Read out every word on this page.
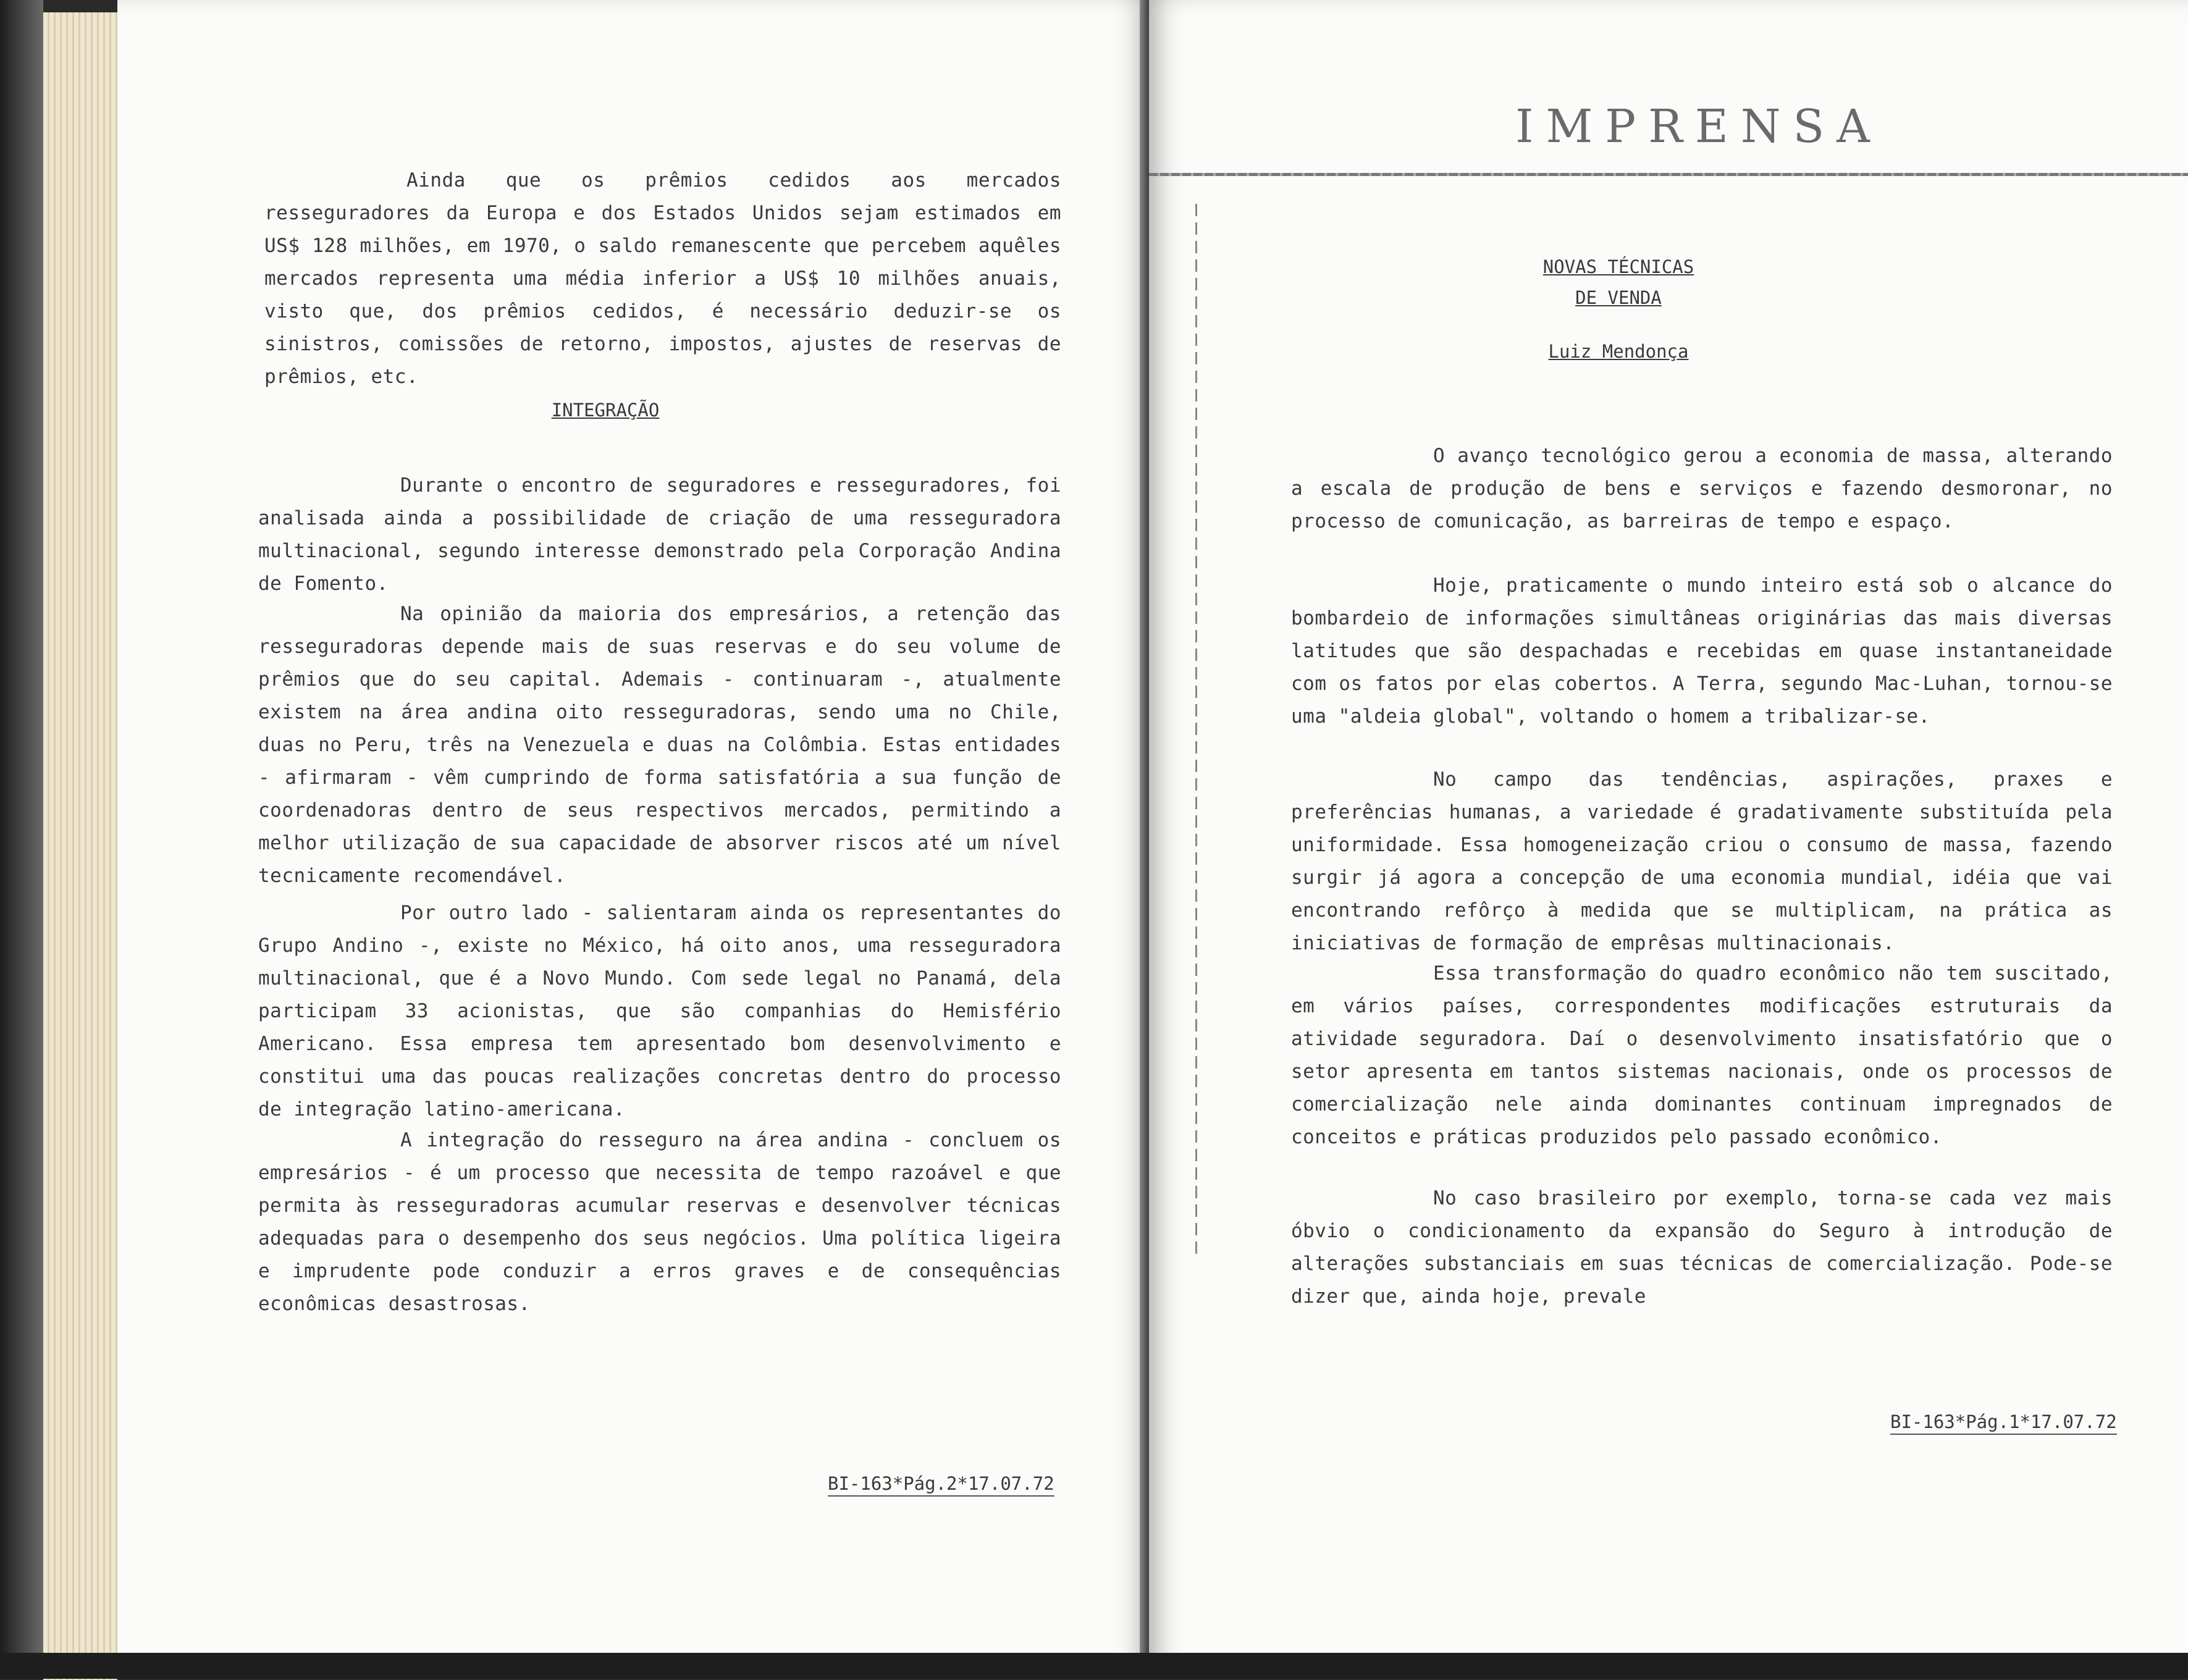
Ainda que os prêmios cedidos aos mercados resseguradores da Europa e dos Estados Unidos sejam estimados em US$ 128 milhões, em 1970, o saldo remanescente que percebem aquêles mercados representa uma média inferior a US$ 10 milhões anuais, visto que, dos prêmios cedidos, é necessário deduzir-se os sinistros, comissões de retorno, impostos, ajustes de reservas de prêmios, etc.

INTEGRAÇÃO

Durante o encontro de seguradores e resseguradores, foi analisada ainda a possibilidade de criação de uma resseguradora multinacional, segundo interesse demonstrado pela Corporação Andina de Fomento.

Na opinião da maioria dos empresários, a retenção das resseguradoras depende mais de suas reservas e do seu volume de prêmios que do seu capital. Ademais - continuaram -, atualmente existem na área andina oito resseguradoras, sendo uma no Chile, duas no Peru, três na Venezuela e duas na Colômbia. Estas entidades - afirmaram - vêm cumprindo de forma satisfatória a sua função de coordenadoras dentro de seus respectivos mercados, permitindo a melhor utilização de sua capacidade de absorver riscos até um nível tecnicamente recomendável.

Por outro lado - salientaram ainda os representantes do Grupo Andino -, existe no México, há oito anos, uma resseguradora multinacional, que é a Novo Mundo. Com sede legal no Panamá, dela participam 33 acionistas, que são companhias do Hemisfério Americano. Essa empresa tem apresentado bom desenvolvimento e constitui uma das poucas realizações concretas dentro do processo de integração latino-americana.

A integração do resseguro na área andina - concluem os empresários - é um processo que necessita de tempo razoável e que permita às resseguradoras acumular reservas e desenvolver técnicas adequadas para o desempenho dos seus negócios. Uma política ligeira e imprudente pode conduzir a erros graves e de consequências econômicas desastrosas.

BI-163*Pág.2*17.07.72

IMPRENSA

NOVAS TÉCNICAS

DE VENDA

Luiz Mendonça

O avanço tecnológico gerou a economia de massa, alterando a escala de produção de bens e serviços e fazendo desmoronar, no processo de comunicação, as barreiras de tempo e espaço.

Hoje, praticamente o mundo inteiro está sob o alcance do bombardeio de informações simultâneas originárias das mais diversas latitudes que são despachadas e recebidas em quase instantaneidade com os fatos por elas cobertos. A Terra, segundo Mac-Luhan, tornou-se uma "aldeia global", voltando o homem a tribalizar-se.

No campo das tendências, aspirações, praxes e preferências humanas, a variedade é gradativamente substituída pela uniformidade. Essa homogeneização criou o consumo de massa, fazendo surgir já agora a concepção de uma economia mundial, idéia que vai encontrando refôrço à medida que se multiplicam, na prática as iniciativas de formação de emprêsas multinacionais.

Essa transformação do quadro econômico não tem suscitado, em vários países, correspondentes modificações estruturais da atividade seguradora. Daí o desenvolvimento insatisfatório que o setor apresenta em tantos sistemas nacionais, onde os processos de comercialização nele ainda dominantes continuam impregnados de conceitos e práticas produzidos pelo passado econômico.

No caso brasileiro por exemplo, torna-se cada vez mais óbvio o condicionamento da expansão do Seguro à introdução de alterações substanciais em suas técnicas de comercialização. Pode-se dizer que, ainda hoje, prevale

BI-163*Pág.1*17.07.72
